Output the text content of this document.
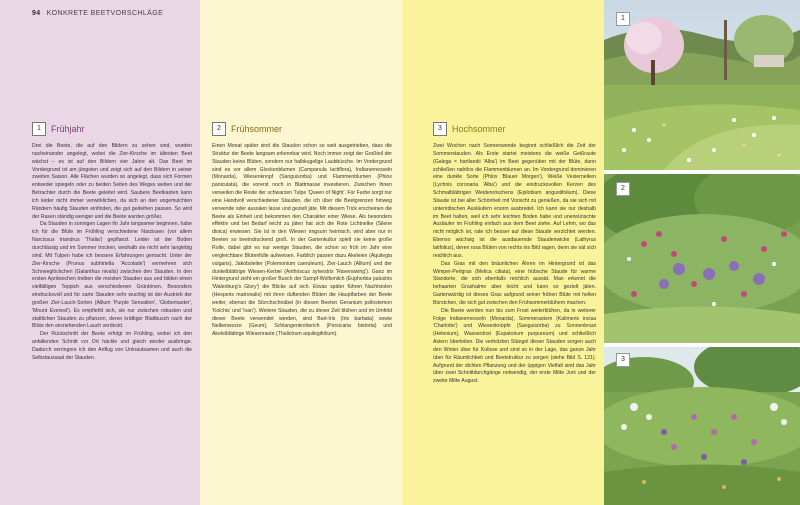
94 KONKRETE BEETVORSCHLÄGE
1	Frühjahr

Drei die Beete, die auf den Bildern zu sehen sind, wurden nacheinander angelegt, wobei die Zier-Kirsche im ältesten Beet wächst – es ist auf den Bildern vier Jahre alt. Das Beet im Vordergrund ist am jüngsten und zeigt sich auf den Bildern in seiner zweiten Saison. Alle Flächen wurden so angelegt, dass sich Formen entweder spiegeln oder zu beiden Seiten des Weges weiten und der Betrachter durch die Beete geleitet wird. Saubere Beetkanten kann ich leider nicht immer verwirklichen, da sich an den ungemulchten Rändern häufig Stauden einfinden, die gut gedeihen passen. So wird der Rasen ständig weniger und die Beete wurden größer.

Da Stauden in sonnigen Lagen ihr Jahr langsamer beginnen, habe ich für die Blüte im Frühling verschiedene Narzissen (vor allem Narcissus triandrus 'Thalia') gepflanzt. Leider ist der Boden durchlässig und im Sommer trocken, weshalb sie nicht sehr langlebig sind. Mit Tulpen habe ich bessere Erfahrungen gemacht. Unter der Zier-Kirsche (Prunus subhirtella 'Accolade') vermehren sich Schneeglöckchen (Galanthus nivalis) zwischen den Stauden. In den ersten Aprilwochen treiben die meisten Stauden aus und bilden einen vielfältigen Teppich aus verschiedenen Grüntönen. Besonders eindrucksvoll und für zarte Stauden sehr wuchtig ist der Austrieb der großen Zier-Lauch-Sorten (Allium 'Purple Sensation', 'Globemaster', 'Mount Everest'). Es empfiehlt sich, sie nur zwischen robusten und stattlichen Stauden zu pflanzen, deren kräftiger Blattbusch nach der Blüte den einziehenden Lauch verdeckt.

Der Rückschnitt der Beete erfolgt im Frühling, wobei ich den anfallenden Schnitt vor Ort häckle und gleich wieder ausbringe. Dadurch verringere ich den Anflug von Unkrautsamen und auch die Selbstaussaat der Stauden.

2	Frühsommer

Einen Monat später sind die Stauden schon so weit ausgetrieben, dass die Struktur der Beete langsam erkennbar wird. Noch immer zeigt der Großteil der Stauden keine Blüten, sondern nur halbkugelige Laubbüsche. Im Vordergrund sind es vor allem Glockenblumen (Campanula lactiflora), Indianernesseln (Monarda), Wiesenknopf (Sanguisorba) und Flammenblumen (Phlox paniculata), die vorerst noch in Blattmasse investieren. Zwischen ihnen verweilen die Reste der schwarzen Tulpe 'Queen of Night'. Für Farbe sorgt nur eine Handvoll verschiedener Stauden, die ich über die Beetgrenzen hinweg verwende oder aussäen lasse und gezielt jäte. Mit diesem Trick erscheinen die Beete als Einheit und bekommen den Charakter einer Wiese. Als besonders effektiv und bei Bedarf leicht zu jäten hat sich die Rote Lichtnelke (Silene dioica) erwiesen. Sie ist in den Wiesen ringsum heimisch, wird aber nur in Beeten so beeindruckend groß. In der Gartenkultur spielt sie keine große Rolle, dabei gibt es nur wenige Stauden, die schon so früh im Jahr eine vergleichbare Blütenfülle aufweisen. Farblich passen dazu Akeleien (Aquilegia vulgaris), Jakobsleiter (Polemonium caeruleum), Zier-Lauch (Allium) und der dunkelblättrige Wiesen-Kerbel (Anthriscus sylvestris 'Ravenswing'). Ganz im Hintergrund zieht ein großer Busch der Sumpf-Wolfsmilch (Euphorbia palustris 'Walenburg's Glory') die Blicke auf sich. Etwas später führen Nachtviolen (Hesperis matronalis) mit ihren duftenden Blüten die Hauptfarben der Beete weiter, ebenso die Storchschnäbel (in diesen Beeten Geranium psilostemon 'Kolchis' und 'Ivan'). Weitere Stauden, die zu dieser Zeit blühen und im Umfeld dieser Beete verwendet werden, sind Bart-Iris (Iris barbata) sowie Nelkenwurze (Geum), Schlangenknöterich (Persicaria bistorta) und Akeleiblättrige Wiesenraute (Thalictrum aquilegifolium).

3	Hochsommer

Zwei Wochen nach Sonnenwende beginnt schließlich die Zeit der Sommerstauden. Als Erste startet meistens die weiße Geißraute (Galega × hartlandii 'Alba') im Beet gegenüber mit der Blüte, dann schließen nahtlos die Flammenblumen an. Im Vordergrund dominieren eine dunkle Sorte (Phlox 'Blauer Morgen'), Weiße Vexiernelken (Lychnis coronaria 'Alba') und die eindrucksvollen Kerzen des Schmalblättrigen Weidenröschens (Epilobium angustifolium). Diese Staude ist bei aller Schönheit mit Vorsicht zu genießen, da sie sich mit unterirdischen Ausläufern enorm ausbreitet. Ich kann sie nur deshalb im Beet halten, weil ich sehr leichten Boden habe und unerwünschte Ausläufer im Frühling einfach aus dem Beet ziehe. Auf Lehm, wo das nicht möglich ist, rate ich besser auf diese Staude verzichtet werden. Ebenso wüchsig ist die ausdauernde Staudenwicke (Lathyrus latifolius), deren rosa Blüten von rechts ins Bild ragen, denn sie sät sich reichlich aus.

Das Gras mit den bräunlichen Ähren im Hintergrund ist das Wimper-Perlgras (Melica ciliata), eine hübsche Staude für warme Standorte, die sich ebenfalls reichlich aussät. Man erkennt die behaarten Grashalme aber leicht und kann so gezielt jäten. Gartenwürdig ist dieses Gras aufgrund seiner frühen Blüte mit hellen Bürstchen, die sich gut zwischen den Frühsommerblühern machen.

Die Beete werden nun bis zum Frost weiterblühen, da in weiterer Folge Indianernesseln (Monarda), Sommerastern (Kalimeris incisa 'Charlotte') und Wiesenknöpfe (Sanguisorba) zu Sonnenbraut (Helenium), Wasserdost (Eupatorium purpureum) und schließlich Astern überleiten. Die verholzten Stängel dieser Stauden sorgen auch den Winter über für Kulisse und sind so in der Lage, das ganze Jahr über für Räumlichkeit und Beetstruktur zu sorgen (siehe Bild S. 121). Aufgrund der dichten Pflanzung und der üppigen Vielfalt sind das Jahr über zwei Schnittdurchgänge notwendig, der erste Mitte Juni und der zweite Mitte August.

1
2
3
